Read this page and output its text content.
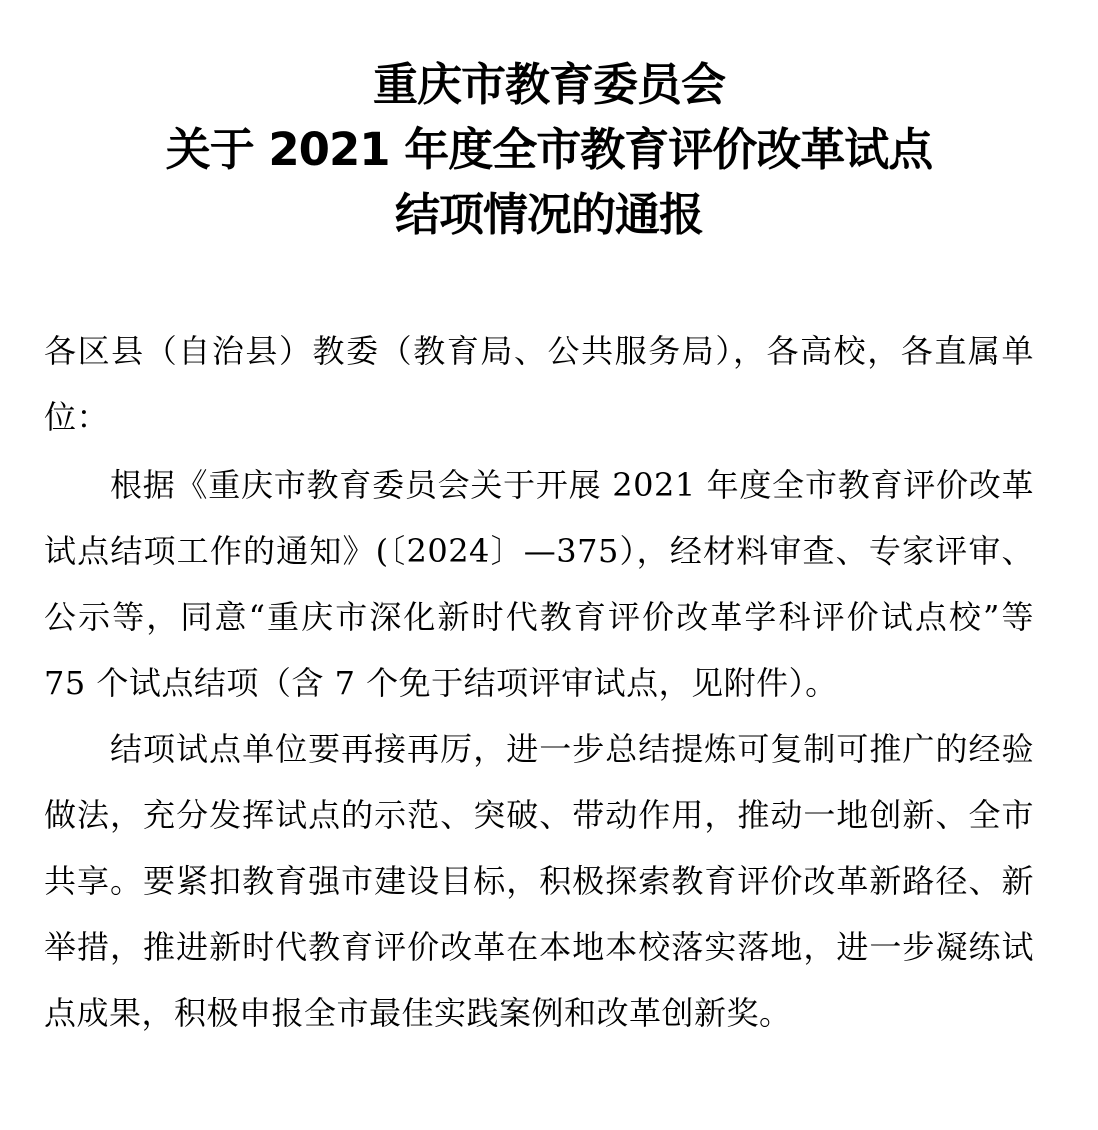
重庆市教育委员会
关于 2021 年度全市教育评价改革试点
结项情况的通报
各区县（自治县）教委（教育局、公共服务局），各高校，各直属单位：
根据《重庆市教育委员会关于开展 2021 年度全市教育评价改革试点结项工作的通知》(〔2024〕—375），经材料审查、专家评审、公示等，同意“重庆市深化新时代教育评价改革学科评价试点校”等 75 个试点结项（含 7 个免于结项评审试点，见附件）。
结项试点单位要再接再厉，进一步总结提炼可复制可推广的经验做法，充分发挥试点的示范、突破、带动作用，推动一地创新、全市共享。要紧扣教育强市建设目标，积极探索教育评价改革新路径、新举措，推进新时代教育评价改革在本地本校落实落地，进一步凝练试点成果，积极申报全市最佳实践案例和改革创新奖。
